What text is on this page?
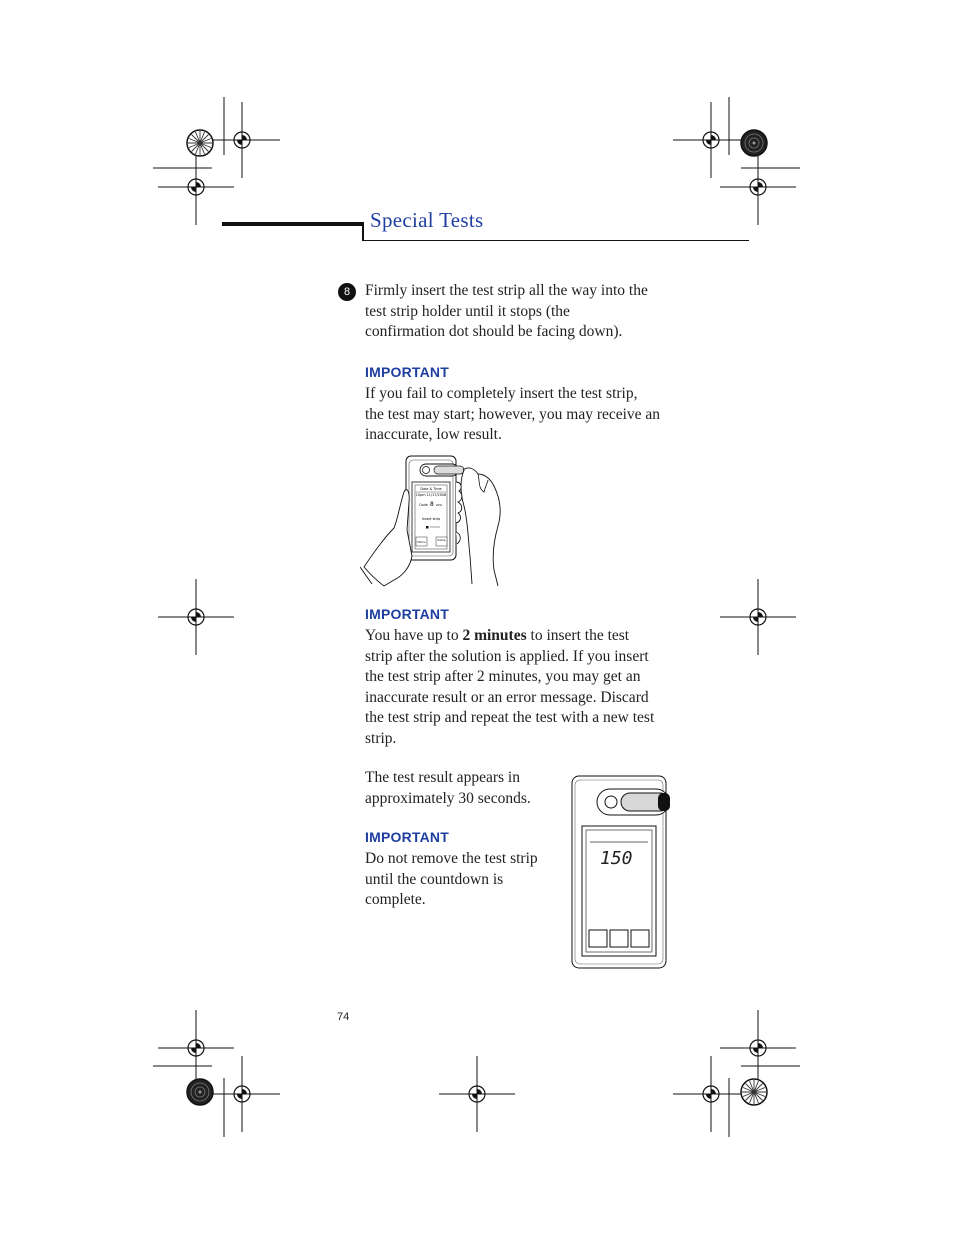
Special Tests
8 Firmly insert the test strip all the way into the
test strip holder until it stops (the
confirmation dot should be facing down).

IMPORTANT

If you fail to completely insert the test strip,
the test may start; however, you may receive an
inaccurate, low result.

Date & Time
10pm 11/17/2008
Code 8 zvu
Insert strip
Menu	Setup
IMPORTANT

You have up to 2 minutes to insert the test
strip after the solution is applied. If you insert
the test strip after 2 minutes, you may get an
inaccurate result or an error message. Discard
the test strip and repeat the test with a new test
strip.

The test result appears in
approximately 30 seconds.

IMPORTANT

Do not remove the test strip
until the countdown is
complete.

150
74
